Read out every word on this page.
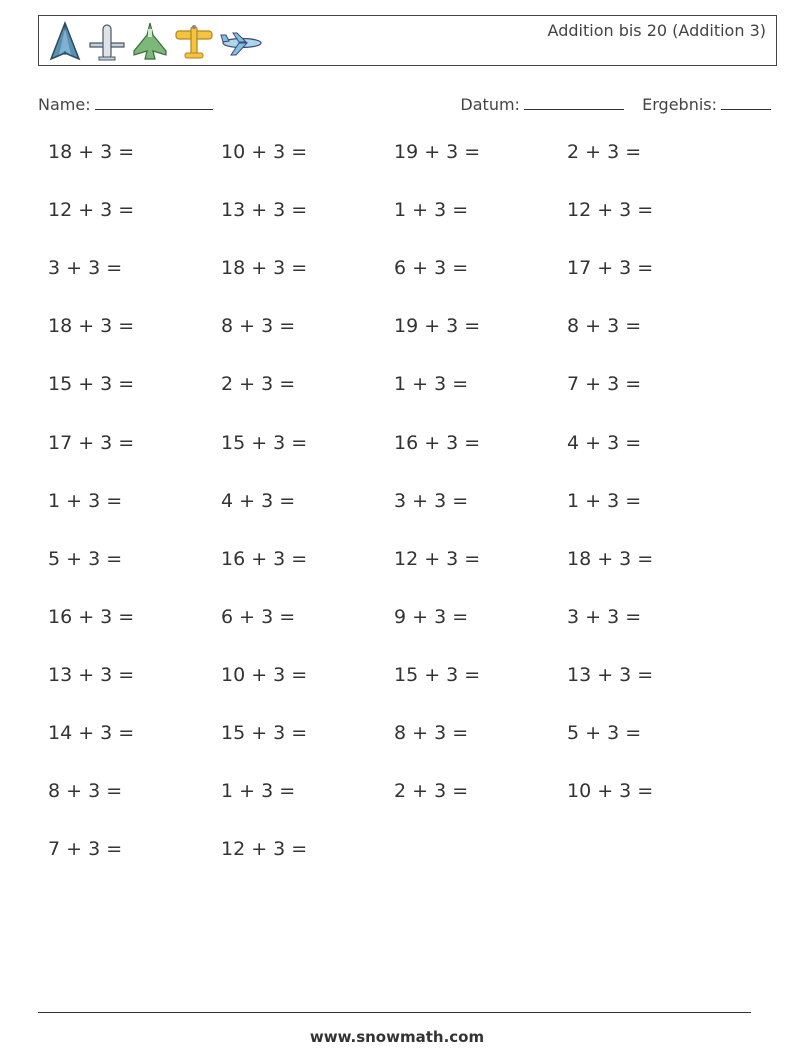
Addition bis 20 (Addition 3)
Name:	Datum:	Ergebnis:
18 + 3 =	10 + 3 =	19 + 3 =	2 + 3 =
12 + 3 =	13 + 3 =	1 + 3 =	12 + 3 =
3 + 3 =	18 + 3 =	6 + 3 =	17 + 3 =
18 + 3 =	8 + 3 =	19 + 3 =	8 + 3 =
15 + 3 =	2 + 3 =	1 + 3 =	7 + 3 =
17 + 3 =	15 + 3 =	16 + 3 =	4 + 3 =
1 + 3 =	4 + 3 =	3 + 3 =	1 + 3 =
5 + 3 =	16 + 3 =	12 + 3 =	18 + 3 =
16 + 3 =	6 + 3 =	9 + 3 =	3 + 3 =
13 + 3 =	10 + 3 =	15 + 3 =	13 + 3 =
14 + 3 =	15 + 3 =	8 + 3 =	5 + 3 =
8 + 3 =	1 + 3 =	2 + 3 =	10 + 3 =
7 + 3 =	12 + 3 =
www.snowmath.com
